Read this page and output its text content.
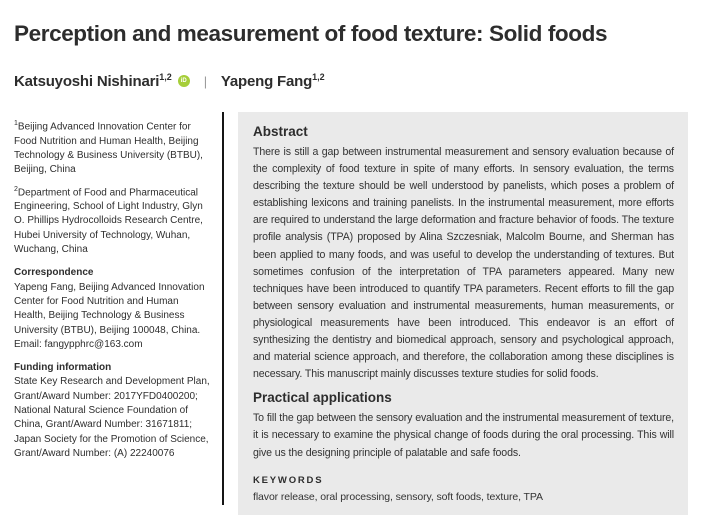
Perception and measurement of food texture: Solid foods
Katsuyoshi Nishinari$^{1,2}$	iD | Yapeng Fang$^{1,2}$

$^1$Beijing Advanced Innovation Center for Food Nutrition and Human Health, Beijing Technology & Business University (BTBU), Beijing, China

$^2$Department of Food and Pharmaceutical Engineering, School of Light Industry, Glyn O. Phillips Hydrocolloids Research Centre, Hubei University of Technology, Wuhan, Wuchang, China

Correspondence

Yapeng Fang, Beijing Advanced Innovation Center for Food Nutrition and Human Health, Beijing Technology & Business University (BTBU), Beijing 100048, China.

Email: fangypphrc@163.com

Funding information

State Key Research and Development Plan, Grant/Award Number: 2017YFD0400200; National Natural Science Foundation of China, Grant/Award Number: 31671811; Japan Society for the Promotion of Science, Grant/Award Number: (A) 22240076

Abstract

There is still a gap between instrumental measurement and sensory evaluation because of the complexity of food texture in spite of many efforts. In sensory evaluation, the terms describing the texture should be well understood by panelists, which poses a problem of establishing lexicons and training panelists. In the instrumental measurement, more efforts are required to understand the large deformation and fracture behavior of foods. The texture profile analysis (TPA) proposed by Alina Szczesniak, Malcolm Bourne, and Sherman has been applied to many foods, and was useful to develop the understanding of textures. But sometimes confusion of the interpretation of TPA parameters appeared. Many new techniques have been introduced to quantify TPA parameters. Recent efforts to fill the gap between sensory evaluation and instrumental measurements, human measurements, or physiological measurements have been introduced. This endeavor is an effort of synthesizing the dentistry and biomedical approach, sensory and psychological approach, and material science approach, and therefore, the collaboration among these disciplines is necessary. This manuscript mainly discusses texture studies for solid foods.

Practical applications

To fill the gap between the sensory evaluation and the instrumental measurement of texture, it is necessary to examine the physical change of foods during the oral processing. This will give us the designing principle of palatable and safe foods.

KEYWORDS

flavor release, oral processing, sensory, soft foods, texture, TPA
